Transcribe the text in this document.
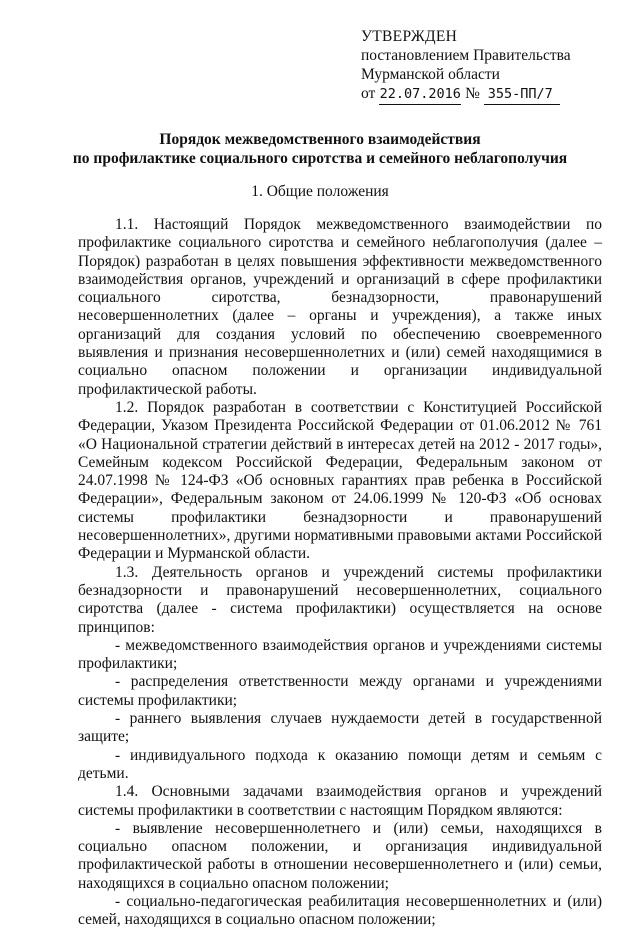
УТВЕРЖДЕН
постановлением Правительства
Мурманской области
от 22.07.2016 № 355-ПП/7
Порядок межведомственного взаимодействия
по профилактике социального сиротства и семейного неблагополучия
1. Общие положения

1.1. Настоящий Порядок межведомственного взаимодействии по профилактике социального сиротства и семейного неблагополучия (далее – Порядок) разработан в целях повышения эффективности межведомственного взаимодействия органов, учреждений и организаций в сфере профилактики социального сиротства, безнадзорности, правонарушений несовершеннолетних (далее – органы и учреждения), а также иных организаций для создания условий по обеспечению своевременного выявления и признания несовершеннолетних и (или) семей находящимися в социально опасном положении и организации индивидуальной профилактической работы.

1.2. Порядок разработан в соответствии с Конституцией Российской Федерации, Указом Президента Российской Федерации от 01.06.2012 № 761 «О Национальной стратегии действий в интересах детей на 2012 - 2017 годы», Семейным кодексом Российской Федерации, Федеральным законом от 24.07.1998 № 124-ФЗ «Об основных гарантиях прав ребенка в Российской Федерации», Федеральным законом от 24.06.1999 № 120-ФЗ «Об основах системы профилактики безнадзорности и правонарушений несовершеннолетних», другими нормативными правовыми актами Российской Федерации и Мурманской области.

1.3. Деятельность органов и учреждений системы профилактики безнадзорности и правонарушений несовершеннолетних, социального сиротства (далее - система профилактики) осуществляется на основе принципов:

- межведомственного взаимодействия органов и учреждениями системы профилактики;

- распределения ответственности между органами и учреждениями системы профилактики;

- раннего выявления случаев нуждаемости детей в государственной защите;

- индивидуального подхода к оказанию помощи детям и семьям с детьми.

1.4. Основными задачами взаимодействия органов и учреждений системы профилактики в соответствии с настоящим Порядком являются:

- выявление несовершеннолетнего и (или) семьи, находящихся в социально опасном положении, и организация индивидуальной профилактической работы в отношении несовершеннолетнего и (или) семьи, находящихся в социально опасном положении;

- социально-педагогическая реабилитация несовершеннолетних и (или) семей, находящихся в социально опасном положении;
